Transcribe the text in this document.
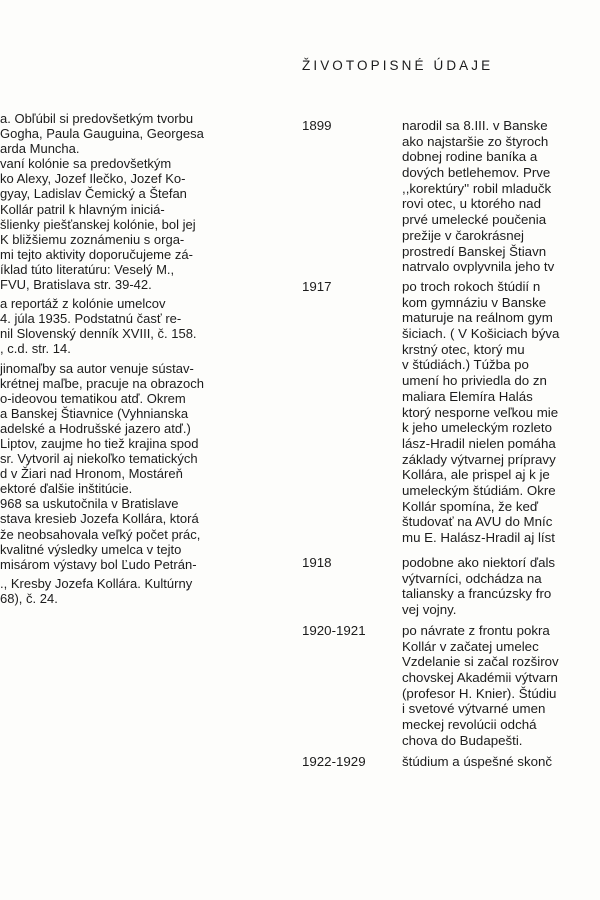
ŽIVOTOPISNÉ ÚDAJE
a. Obľúbil si predovšetkým tvorbu
Gogha, Paula Gauguina, Georgesa
arda Muncha.
vaní kolónie sa predovšetkým
ko Alexy, Jozef Ilečko, Jozef Ko-
gyay, Ladislav Čemický a Štefan
Kollár patril k hlavným iniciá-
šlienky piešťanskej kolónie, bol jej
K bližšiemu zoznámeniu s orga-
mi tejto aktivity doporučujeme zá-
íklad túto literatúru: Veselý M.,
FVU, Bratislava str. 39-42.
a reportáž z kolónie umelcov
4. júla 1935. Podstatnú časť re-
nil Slovenský denník XVIII, č. 158.
, c.d. str. 14.
jinomaľby sa autor venuje sústav-
krétnej maľbe, pracuje na obrazoch
o-ideovou tematikou atď. Okrem
a Banskej Štiavnice (Vyhnianska
adelské a Hodrušské jazero atď.)
Liptov, zaujme ho tiež krajina spod
sr. Vytvoril aj niekoľko tematických
d v Žiari nad Hronom, Mostáreň
ektoré ďalšie inštitúcie.
968 sa uskutočnila v Bratislave
stava kresieb Jozefa Kollára, ktorá
že neobsahovala veľký počet prác,
kvalitné výsledky umelca v tejto
misárom výstavy bol Ľudo Petrán-
., Kresby Jozefa Kollára. Kultúrny
68), č. 24.
1899	narodil sa 8.III. v Banske
ako najstaršie zo štyroch
dobnej rodine baníka a
dových betlehemov. Prve
,,korektúry'' robil mladučk
rovi otec, u ktorého nad
prvé umelecké poučenia
prežije v čarokrásnej
prostredí Banskej Štiavn
natrvalo ovplyvnila jeho tv
1917	po troch rokoch štúdií n
kom gymnáziu v Banske
maturuje na reálnom gym
šiciach. ( V Košiciach býva
krstný otec, ktorý mu
v štúdiách.) Túžba po
umení ho priviedla do zn
maliara Elemíra Halás
ktorý nesporne veľkou mie
k jeho umeleckým rozleto
lász-Hradil nielen pomáha
základy výtvarnej prípravy
Kollára, ale prispel aj k je
umeleckým štúdiám. Okre
Kollár spomína, že keď
študovať na AVU do Mníc
mu E. Halász-Hradil aj líst
1918	podobne ako niektorí ďals
výtvarníci, odchádza na
taliansky a francúzsky fro
vej vojny.
1920-1921	po návrate z frontu pokra
Kollár v začatej umelec
Vzdelanie si začal rozširov
chovskej Akadémii výtvarn
(profesor H. Knier). Štúdiu
i svetové výtvarné umen
meckej revolúcii odchá
chova do Budapešti.
1922-1929	štúdium a úspešné skonč
